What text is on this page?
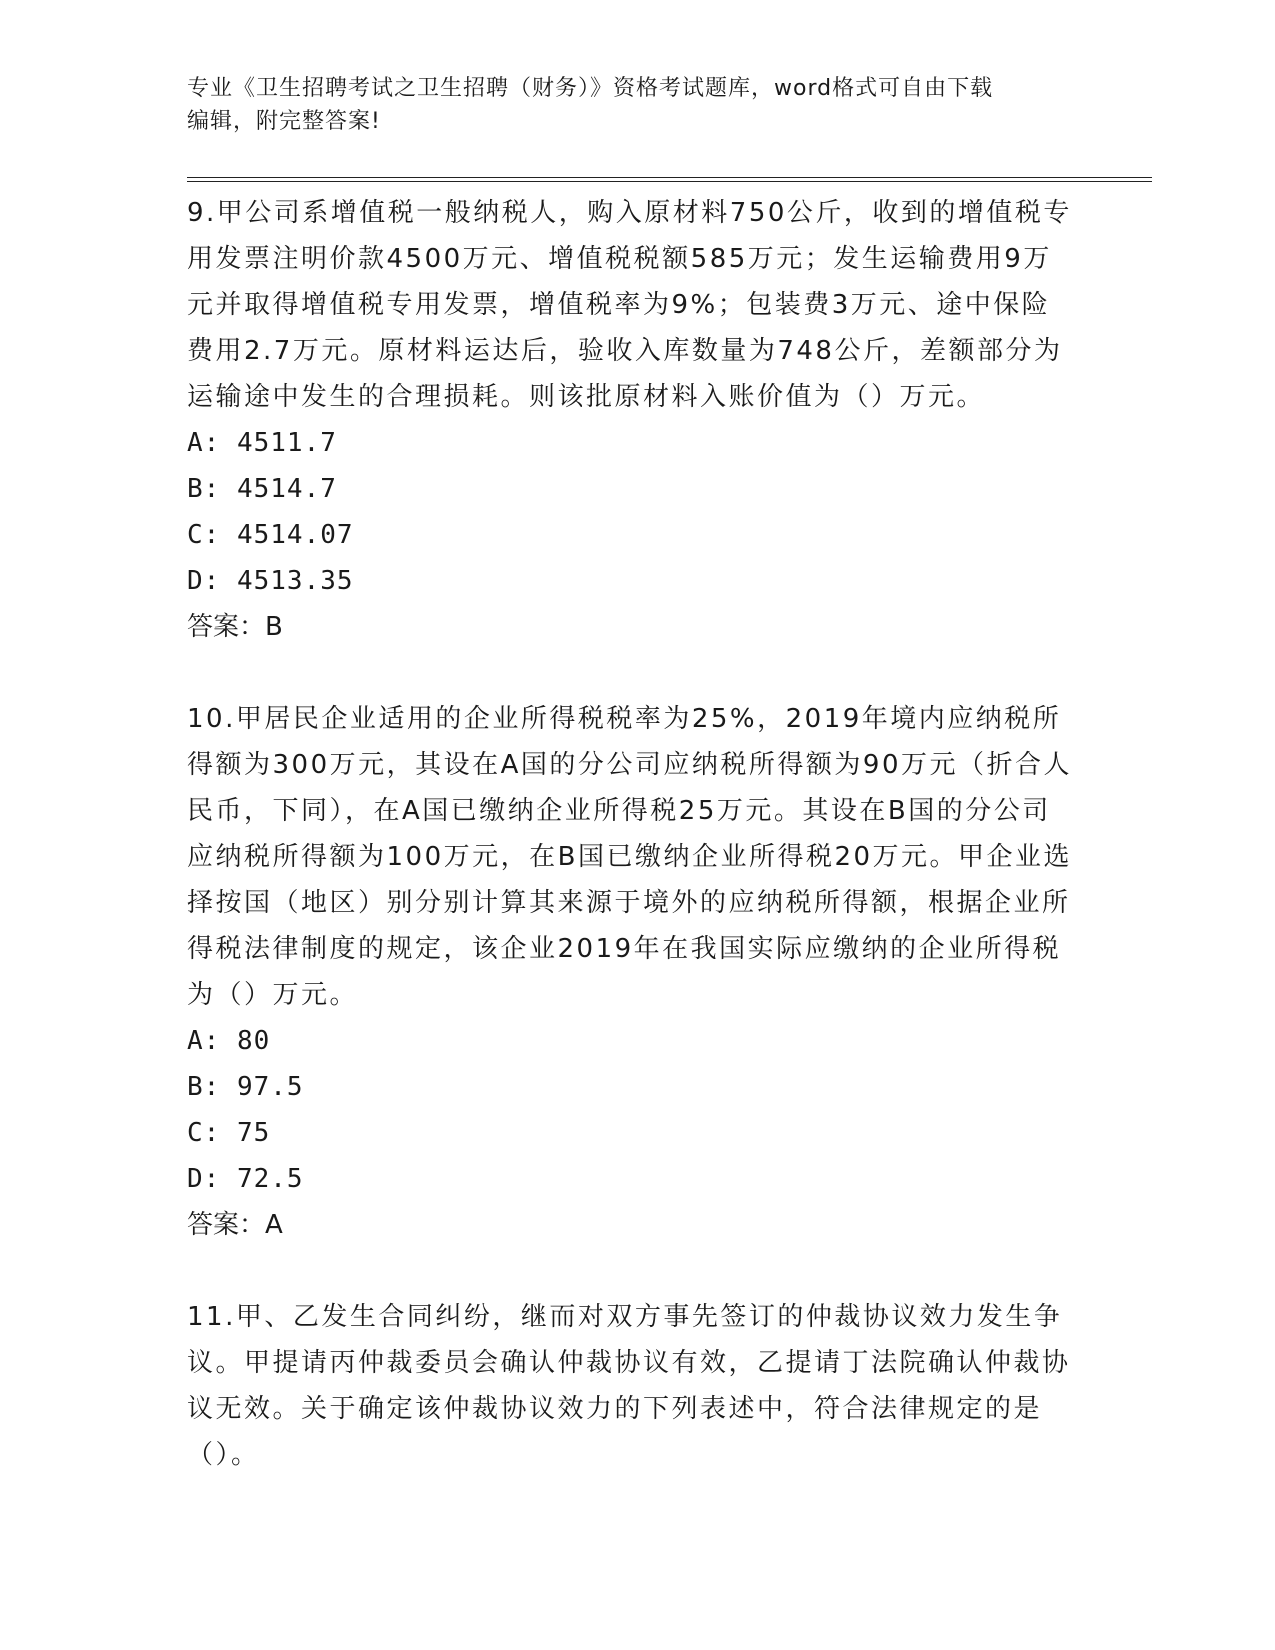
专业《卫生招聘考试之卫生招聘（财务）》资格考试题库，word格式可自由下载
编辑，附完整答案!

9.甲公司系增值税一般纳税人，购入原材料750公斤，收到的增值税专用发票注明价款4500万元、增值税税额585万元；发生运输费用9万元并取得增值税专用发票，增值税率为9%；包装费3万元、途中保险费用2.7万元。原材料运达后，验收入库数量为748公斤，差额部分为运输途中发生的合理损耗。则该批原材料入账价值为（）万元。

A: 4511.7

B: 4514.7

C: 4514.07

D: 4513.35

答案：B

10.甲居民企业适用的企业所得税税率为25%，2019年境内应纳税所得额为300万元，其设在A国的分公司应纳税所得额为90万元（折合人民币，下同），在A国已缴纳企业所得税25万元。其设在B国的分公司应纳税所得额为100万元，在B国已缴纳企业所得税20万元。甲企业选择按国（地区）别分别计算其来源于境外的应纳税所得额，根据企业所得税法律制度的规定，该企业2019年在我国实际应缴纳的企业所得税为（）万元。

A: 80

B: 97.5

C: 75

D: 72.5

答案：A

11.甲、乙发生合同纠纷，继而对双方事先签订的仲裁协议效力发生争议。甲提请丙仲裁委员会确认仲裁协议有效，乙提请丁法院确认仲裁协议无效。关于确定该仲裁协议效力的下列表述中，符合法律规定的是（）。
